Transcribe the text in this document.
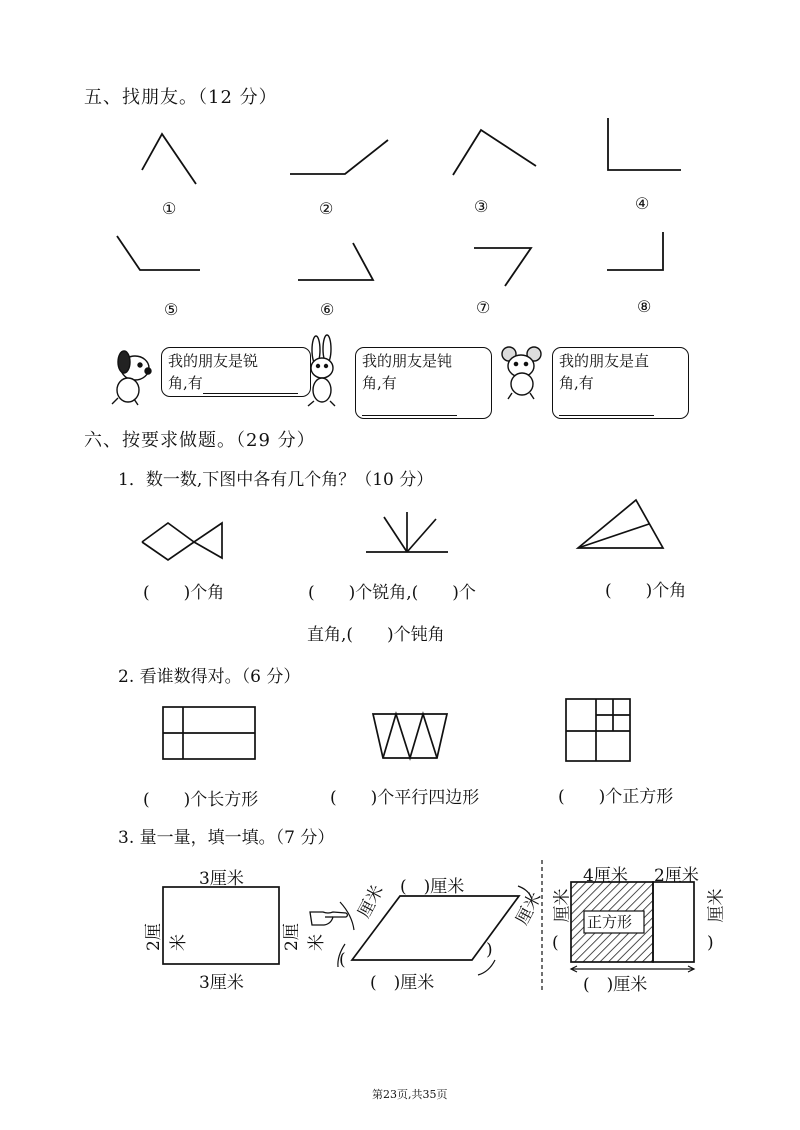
五、找朋友。（12 分）
①	②	③	④
⑤	⑥	⑦	⑧
我的朋友是锐
角,有
我的朋友是钝
角,有
我的朋友是直
角,有
六、按要求做题。（29 分）
1．数一数,下图中各有几个角？（10 分）
(　　)个角	(　　)个锐角,(　　)个
直角,(　　)个钝角
(　　)个角
2. 看谁数得对。（6 分）
(　　)个长方形	(　　)个平行四边形	(　　)个正方形
3. 量一量，填一填。（7 分）
3厘米
3厘米
2厘米	2厘米
(　)厘米
(　)厘米
厘米	厘米
(	)
4厘米 2厘米
正方形
(　)厘米
厘米
(
厘米
)
第23页,共35页
